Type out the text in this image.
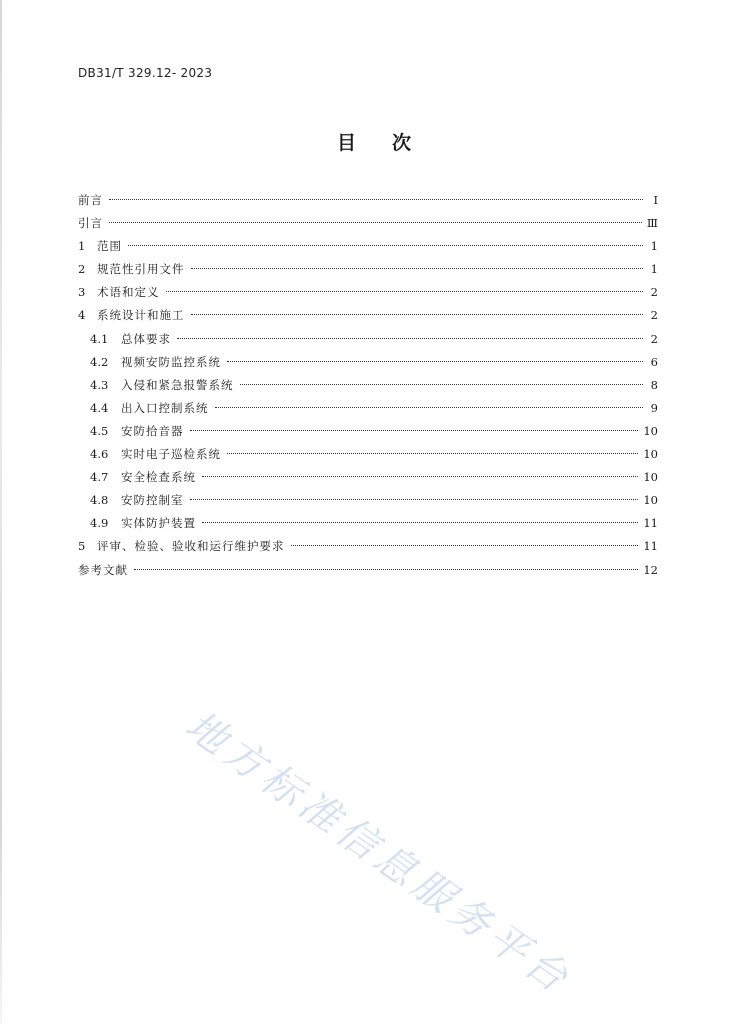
DB31/T 329.12- 2023
目次
前言	Ⅰ
引言	Ⅲ
1	范围	1
2	规范性引用文件	1
3	术语和定义	2
4	系统设计和施工	2
4.1	总体要求	2
4.2	视频安防监控系统	6
4.3	入侵和紧急报警系统	8
4.4	出入口控制系统	9
4.5	安防拾音器	10
4.6	实时电子巡检系统	10
4.7	安全检查系统	10
4.8	安防控制室	10
4.9	实体防护装置	11
5	评审、检验、验收和运行维护要求	11
参考文献	12
地方标准信息服务平台
